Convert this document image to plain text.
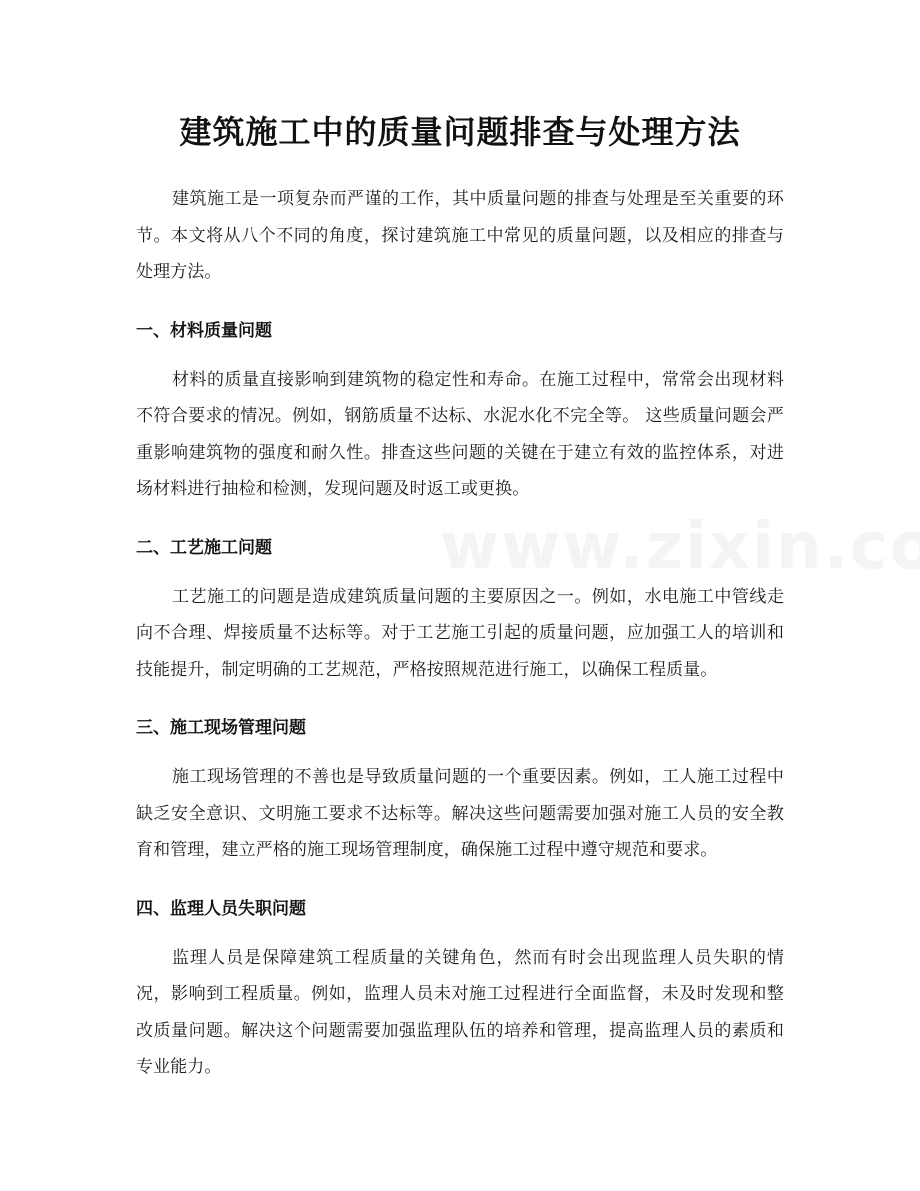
建筑施工中的质量问题排查与处理方法

建筑施工是一项复杂而严谨的工作，其中质量问题的排查与处理是至关重要的环节。本文将从八个不同的角度，探讨建筑施工中常见的质量问题，以及相应的排查与处理方法。

一、材料质量问题

材料的质量直接影响到建筑物的稳定性和寿命。在施工过程中，常常会出现材料不符合要求的情况。例如，钢筋质量不达标、水泥水化不完全等。 这些质量问题会严重影响建筑物的强度和耐久性。排查这些问题的关键在于建立有效的监控体系，对进场材料进行抽检和检测，发现问题及时返工或更换。

二、工艺施工问题

工艺施工的问题是造成建筑质量问题的主要原因之一。例如，水电施工中管线走向不合理、焊接质量不达标等。对于工艺施工引起的质量问题，应加强工人的培训和技能提升，制定明确的工艺规范，严格按照规范进行施工，以确保工程质量。

三、施工现场管理问题

施工现场管理的不善也是导致质量问题的一个重要因素。例如，工人施工过程中缺乏安全意识、文明施工要求不达标等。解决这些问题需要加强对施工人员的安全教育和管理，建立严格的施工现场管理制度，确保施工过程中遵守规范和要求。

四、监理人员失职问题

监理人员是保障建筑工程质量的关键角色，然而有时会出现监理人员失职的情况，影响到工程质量。例如，监理人员未对施工过程进行全面监督，未及时发现和整改质量问题。解决这个问题需要加强监理队伍的培养和管理，提高监理人员的素质和专业能力。
